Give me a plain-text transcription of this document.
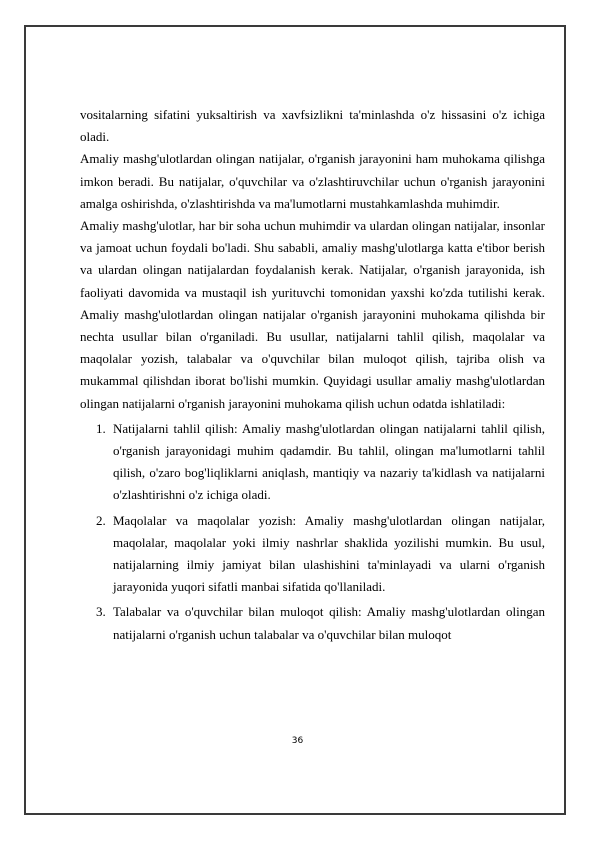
vositalarning sifatini yuksaltirish va xavfsizlikni ta'minlashda o'z hissasini o'z ichiga oladi.

Amaliy mashg'ulotlardan olingan natijalar, o'rganish jarayonini ham muhokama qilishga imkon beradi. Bu natijalar, o'quvchilar va o'zlashtiruvchilar uchun o'rganish jarayonini amalga oshirishda, o'zlashtirishda va ma'lumotlarni mustahkamlashda muhimdir.

Amaliy mashg'ulotlar, har bir soha uchun muhimdir va ulardan olingan natijalar, insonlar va jamoat uchun foydali bo'ladi. Shu sababli, amaliy mashg'ulotlarga katta e'tibor berish va ulardan olingan natijalardan foydalanish kerak. Natijalar, o'rganish jarayonida, ish faoliyati davomida va mustaqil ish yurituvchi tomonidan yaxshi ko'zda tutilishi kerak. Amaliy mashg'ulotlardan olingan natijalar o'rganish jarayonini muhokama qilishda bir nechta usullar bilan o'rganiladi. Bu usullar, natijalarni tahlil qilish, maqolalar va maqolalar yozish, talabalar va o'quvchilar bilan muloqot qilish, tajriba olish va mukammal qilishdan iborat bo'lishi mumkin. Quyidagi usullar amaliy mashg'ulotlardan olingan natijalarni o'rganish jarayonini muhokama qilish uchun odatda ishlatiladi:

1. Natijalarni tahlil qilish: Amaliy mashg'ulotlardan olingan natijalarni tahlil qilish, o'rganish jarayonidagi muhim qadamdir. Bu tahlil, olingan ma'lumotlarni tahlil qilish, o'zaro bog'liqliklarni aniqlash, mantiqiy va nazariy ta'kidlash va natijalarni o'zlashtirishni o'z ichiga oladi.
2. Maqolalar va maqolalar yozish: Amaliy mashg'ulotlardan olingan natijalar, maqolalar, maqolalar yoki ilmiy nashrlar shaklida yozilishi mumkin. Bu usul, natijalarning ilmiy jamiyat bilan ulashishini ta'minlayadi va ularni o'rganish jarayonida yuqori sifatli manbai sifatida qo'llaniladi.
3. Talabalar va o'quvchilar bilan muloqot qilish: Amaliy mashg'ulotlardan olingan natijalarni o'rganish uchun talabalar va o'quvchilar bilan muloqot
36
